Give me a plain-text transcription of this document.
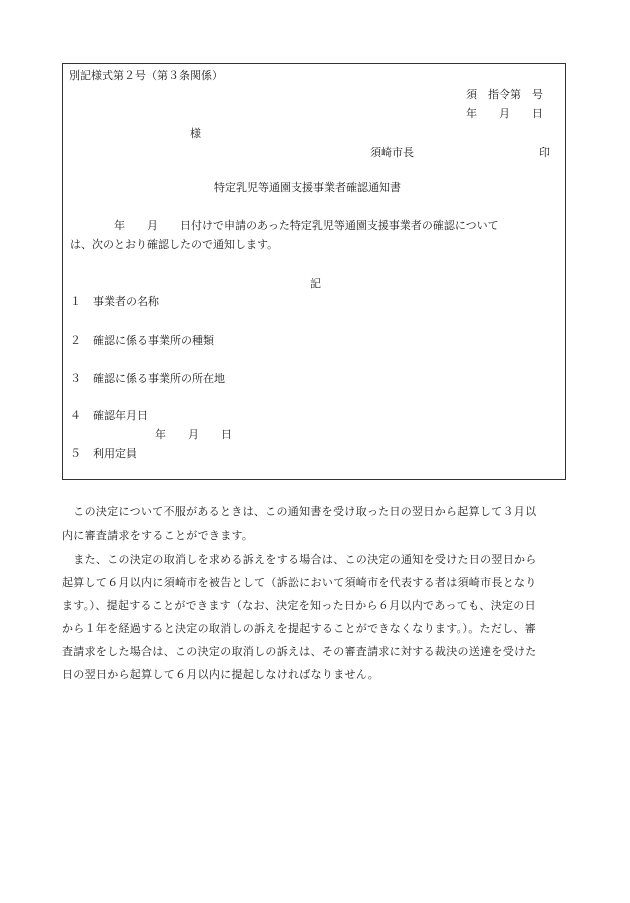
別記様式第２号（第３条関係）
須　指令第　号
年　　月　　日
様
須崎市長	印
特定乳児等通園支援事業者確認通知書
　　　　年　　月　　日付けで申請のあった特定乳児等通園支援事業者の確認について
は、次のとおり確認したので通知します。
記
１ 事業者の名称
２ 確認に係る事業所の種類
３ 確認に係る事業所の所在地
４ 確認年月日
年　　月　　日
５ 利用定員
　この決定について不服があるときは、この通知書を受け取った日の翌日から起算して３月以
内に審査請求をすることができます。
　また、この決定の取消しを求める訴えをする場合は、この決定の通知を受けた日の翌日から
起算して６月以内に須崎市を被告として（訴訟において須崎市を代表する者は須崎市長となり
ます。）、提起することができます（なお、決定を知った日から６月以内であっても、決定の日
から１年を経過すると決定の取消しの訴えを提起することができなくなります。）。ただし、審
査請求をした場合は、この決定の取消しの訴えは、その審査請求に対する裁決の送達を受けた
日の翌日から起算して６月以内に提起しなければなりません。
